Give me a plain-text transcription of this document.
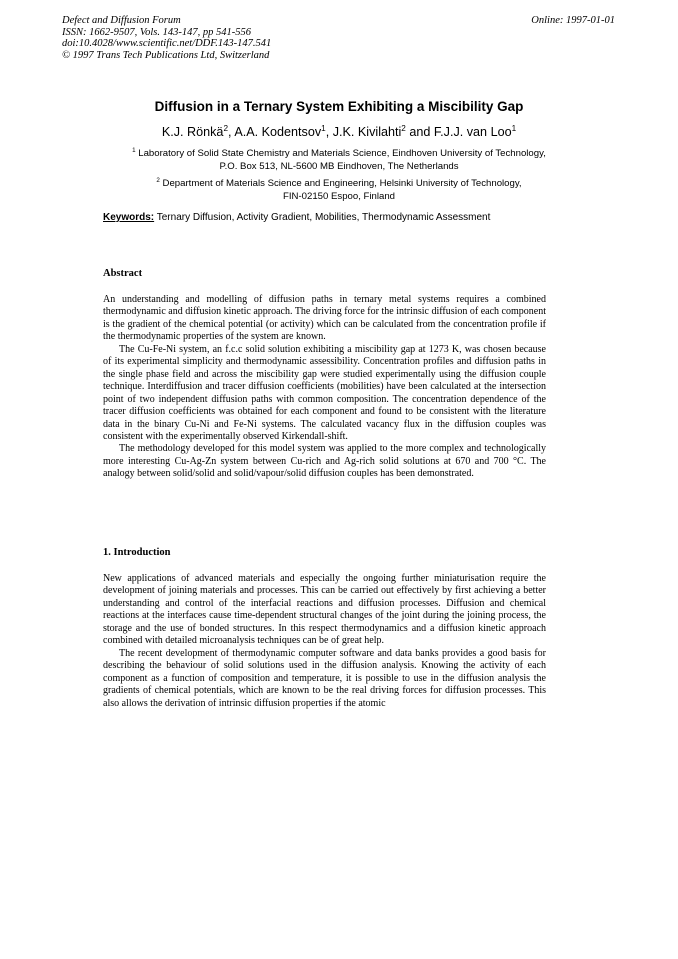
Defect and Diffusion Forum
ISSN: 1662-9507, Vols. 143-147, pp 541-556
doi:10.4028/www.scientific.net/DDF.143-147.541
© 1997 Trans Tech Publications Ltd, Switzerland
Online: 1997-01-01
Diffusion in a Ternary System Exhibiting a Miscibility Gap
K.J. Rönkä$^2$, A.A. Kodentsov$^1$, J.K. Kivilahti$^2$ and F.J.J. van Loo$^1$
$^1$ Laboratory of Solid State Chemistry and Materials Science, Eindhoven University of Technology,
P.O. Box 513, NL-5600 MB Eindhoven, The Netherlands
$^2$ Department of Materials Science and Engineering, Helsinki University of Technology,
FIN-02150 Espoo, Finland
Keywords: Ternary Diffusion, Activity Gradient, Mobilities, Thermodynamic Assessment
Abstract

An understanding and modelling of diffusion paths in ternary metal systems requires a combined thermodynamic and diffusion kinetic approach. The driving force for the intrinsic diffusion of each component is the gradient of the chemical potential (or activity) which can be calculated from the concentration profile if the thermodynamic properties of the system are known.

The Cu-Fe-Ni system, an f.c.c solid solution exhibiting a miscibility gap at 1273 K, was chosen because of its experimental simplicity and thermodynamic assessibility. Concentration profiles and diffusion paths in the single phase field and across the miscibility gap were studied experimentally using the diffusion couple technique. Interdiffusion and tracer diffusion coefficients (mobilities) have been calculated at the intersection point of two independent diffusion paths with common composition. The concentration dependence of the tracer diffusion coefficients was obtained for each component and found to be consistent with the literature data in the binary Cu-Ni and Fe-Ni systems. The calculated vacancy flux in the diffusion couples was consistent with the experimentally observed Kirkendall-shift.

The methodology developed for this model system was applied to the more complex and technologically more interesting Cu-Ag-Zn system between Cu-rich and Ag-rich solid solutions at 670 and 700 °C. The analogy between solid/solid and solid/vapour/solid diffusion couples has been demonstrated.

1. Introduction

New applications of advanced materials and especially the ongoing further miniaturisation require the development of joining materials and processes. This can be carried out effectively by first achieving a better understanding and control of the interfacial reactions and diffusion processes. Diffusion and chemical reactions at the interfaces cause time-dependent structural changes of the joint during the joining process, the storage and the use of bonded structures. In this respect thermodynamics and a diffusion kinetic approach combined with detailed microanalysis techniques can be of great help.

The recent development of thermodynamic computer software and data banks provides a good basis for describing the behaviour of solid solutions used in the diffusion analysis. Knowing the activity of each component as a function of composition and temperature, it is possible to use in the diffusion analysis the gradients of chemical potentials, which are known to be the real driving forces for diffusion processes. This also allows the derivation of intrinsic diffusion properties if the atomic
